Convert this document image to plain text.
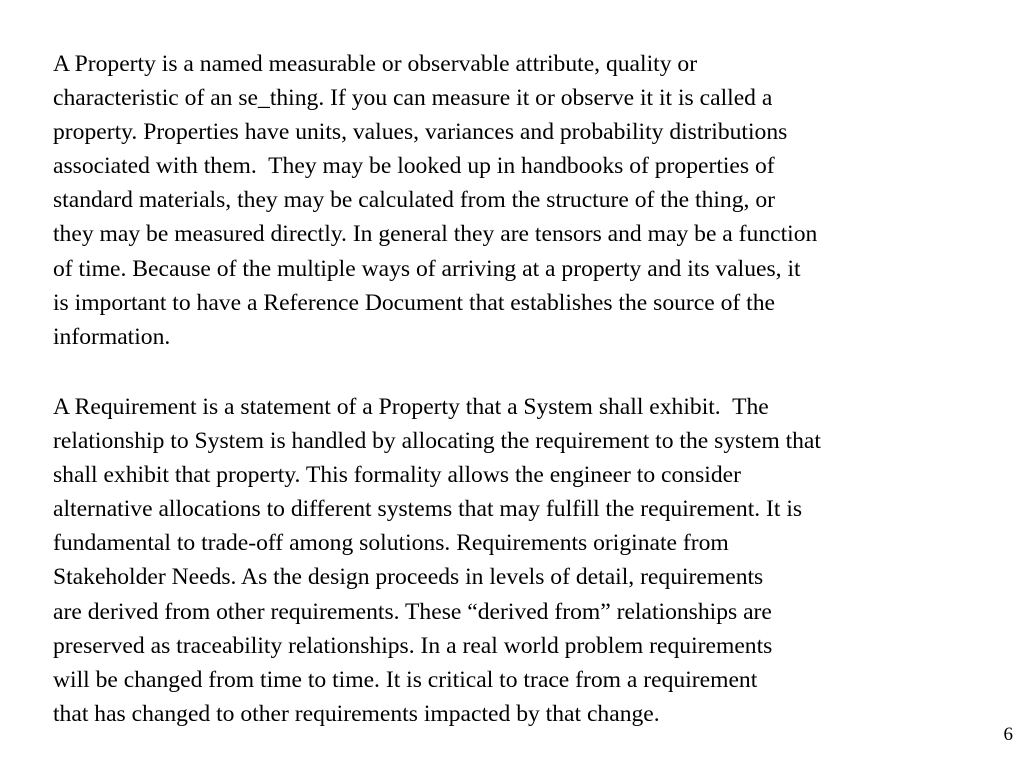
A Property is a named measurable or observable attribute, quality or
characteristic of an se_thing. If you can measure it or observe it it is called a
property. Properties have units, values, variances and probability distributions
associated with them.  They may be looked up in handbooks of properties of
standard materials, they may be calculated from the structure of the thing, or
they may be measured directly. In general they are tensors and may be a function
of time. Because of the multiple ways of arriving at a property and its values, it
is important to have a Reference Document that establishes the source of the
information.

A Requirement is a statement of a Property that a System shall exhibit.  The
relationship to System is handled by allocating the requirement to the system that
shall exhibit that property. This formality allows the engineer to consider
alternative allocations to different systems that may fulfill the requirement. It is
fundamental to trade-off among solutions. Requirements originate from
Stakeholder Needs. As the design proceeds in levels of detail, requirements
are derived from other requirements. These “derived from” relationships are
preserved as traceability relationships. In a real world problem requirements
will be changed from time to time. It is critical to trace from a requirement
that has changed to other requirements impacted by that change.

6
